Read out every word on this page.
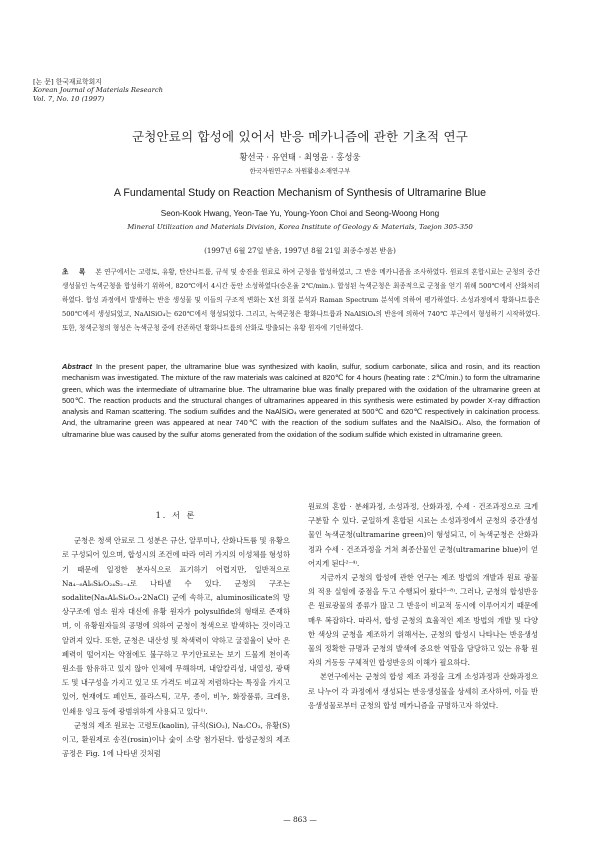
[논 문] 한국재료학회지
Korean Journal of Materials Research
Vol. 7, No. 10 (1997)
군청안료의 합성에 있어서 반응 메카니즘에 관한 기초적 연구
황선국 · 유연태 · 최영윤 · 홍성웅
한국자원연구소 자원활용소재연구부
A Fundamental Study on Reaction Mechanism of Synthesis of Ultramarine Blue
Seon-Kook Hwang, Yeon-Tae Yu, Young-Yoon Choi and Seong-Woong Hong
Mineral Utilization and Materials Division, Korea Institute of Geology & Materials, Taejon 305-350
(1997년 6월 27일 받음, 1997년 8월 21일 최종수정본 받음)
초 록 본 연구에서는 고령토, 유황, 탄산나트륨, 규석 및 송진을 원료로 하여 군청을 합성하였고, 그 반응 메카니즘을 조사하였다. 원료의 혼합시료는 군청의 중간 생성물인 녹색군청을 합성하기 위하여, 820℃에서 4시간 동안 소성하였다(승온율 2℃/min.). 합성된 녹색군청은 최종적으로 군청을 얻기 위해 500℃에서 산화처리하였다. 합성 과정에서 발생하는 반응 생성물 및 이들의 구조적 변화는 X선 회절 분석과 Raman Spectrum 분석에 의하여 평가하였다. 소성과정에서 황화나트륨은 500℃에서 생성되었고, NaAlSiO₄는 620℃에서 형성되었다. 그리고, 녹색군청은 황화나트륨과 NaAlSiO₄의 반응에 의하여 740℃ 부근에서 형성하기 시작하였다. 또한, 청색군청의 형성은 녹색군청 중에 잔존하던 황화나트륨의 산화로 방출되는 유황 원자에 기인하였다.
Abstract In the present paper, the ultramarine blue was synthesized with kaolin, sulfur, sodium carbonate, silica and rosin, and its reaction mechanism was investigated. The mixture of the raw materials was calcined at 820℃ for 4 hours (heating rate : 2℃/min.) to form the ultramarine green, which was the intermediate of ultramarine blue. The ultramarine blue was finally prepared with the oxidation of the ultramarine green at 500℃. The reaction products and the structural changes of ultramarines appeared in this synthesis were estimated by powder X-ray diffraction analysis and Raman scattering. The sodium sulfides and the NaAlSiO₄ were generated at 500℃ and 620℃ respectively in calcination process. And, the ultramarine green was appeared at near 740℃ with the reaction of the sodium sulfates and the NaAlSiO₄. Also, the formation of ultramarine blue was caused by the sulfur atoms generated from the oxidation of the sodium sulfide which existed in ultramarine green.
1. 서 론

군청은 청색 안료로 그 성분은 규산, 알루미나, 산화나트륨 및 유황으로 구성되어 있으며, 합성시의 조건에 따라 여러 가지의 이성체를 형성하기 때문에 일정한 분자식으로 표기하기 어렵지만, 일반적으로 Na₄₋₆Al₆Si₆O₂₄S₂₋₄로 나타낼 수 있다. 군청의 구조는 sodalite(Na₈Al₆Si₆O₂₄·2NaCl) 군에 속하고, aluminosilicate의 망상구조에 염소 원자 대신에 유황 원자가 polysulfide의 형태로 존재하며, 이 유황원자들의 공명에 의하여 군청이 청색으로 발색하는 것이라고 알려져 있다. 또한, 군청은 내산성 및 착색력이 약하고 굴절율이 낮아 은폐력이 떨어지는 약점에도 불구하고 무기안료로는 보기 드물게 천이족 원소를 함유하고 있지 않아 인체에 무해하며, 내알칼리성, 내열성, 광택도 및 내구성을 가지고 있고 또 가격도 비교적 저렴하다는 특징을 가지고 있어, 현재에도 페인트, 플라스틱, 고무, 종이, 비누, 화장품류, 크레용, 인쇄용 잉크 등에 광범위하게 사용되고 있다¹⁾.

군청의 제조 원료는 고령토(kaolin), 규석(SiO₂), Na₂CO₃, 유황(S)이고, 환원제로 송진(rosin)이나 숯이 소량 첨가된다. 합성군청의 제조공정은 Fig. 1에 나타낸 것처럼

원료의 혼합 · 분쇄과정, 소성과정, 산화과정, 수세 · 건조과정으로 크게 구분할 수 있다. 균일하게 혼합된 시료는 소성과정에서 군청의 중간생성물인 녹색군청(ultramarine green)이 형성되고, 이 녹색군청은 산화과정과 수세 · 건조과정을 거쳐 최종산물인 군청(ultramarine blue)이 얻어지게 된다²⁻⁴⁾.

지금까지 군청의 합성에 관한 연구는 제조 방법의 개발과 원료 광물의 적용 실험에 중점을 두고 수행되어 왔다⁵⁻⁸⁾. 그러나, 군청의 합성반응은 원료광물의 종류가 많고 그 반응이 비교적 동시에 이루어지기 때문에 매우 복잡하다. 따라서, 합성 군청의 효율적인 제조 방법의 개발 및 다양한 색상의 군청을 제조하기 위해서는, 군청의 합성시 나타나는 반응생성물의 정확한 규명과 군청의 발색에 중요한 역할을 담당하고 있는 유황 원자의 거동등 구체적인 합성반응의 이해가 필요하다.

본연구에서는 군청의 합성 제조 과정을 크게 소성과정과 산화과정으로 나누어 각 과정에서 생성되는 반응생성물을 상세히 조사하여, 이들 반응생성물로부터 군청의 합성 메카니즘을 규명하고자 하였다.

— 863 —
